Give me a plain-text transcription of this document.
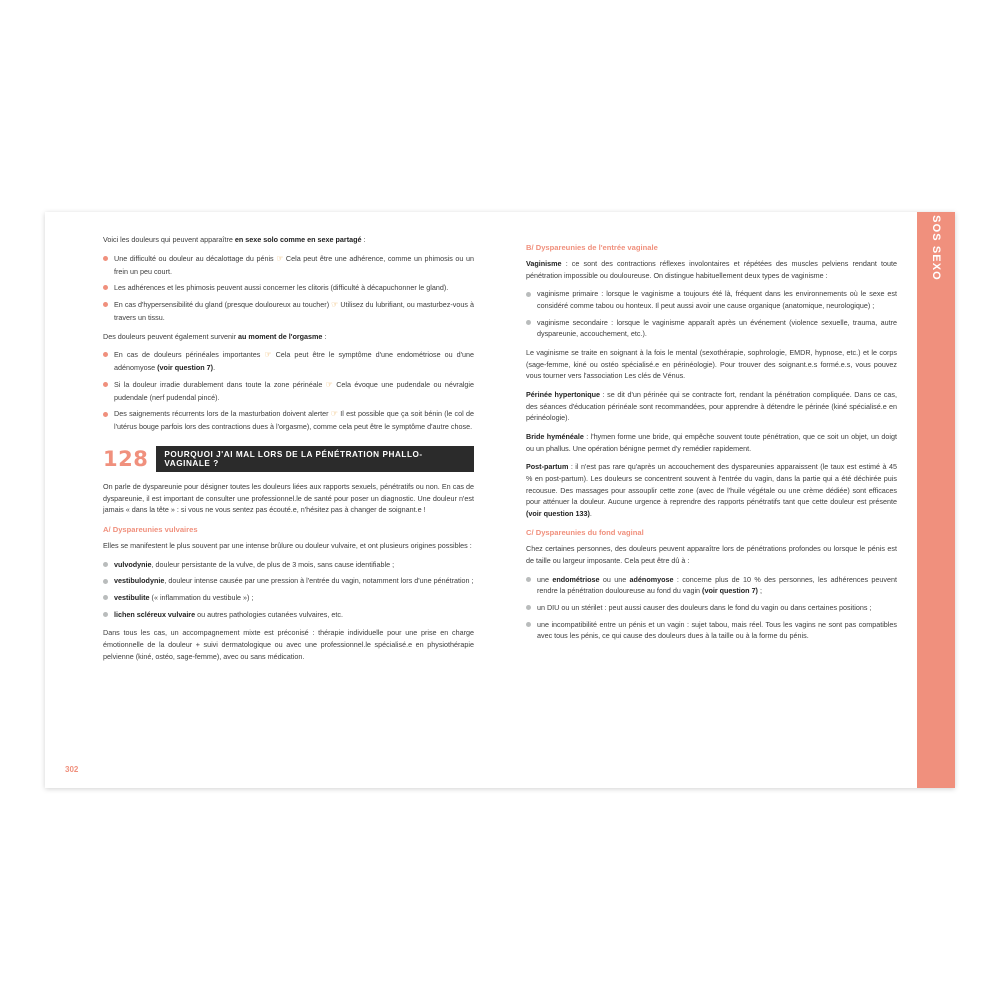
Voici les douleurs qui peuvent apparaître en sexe solo comme en sexe partagé :

Une difficulté ou douleur au décalottage du pénis ☞ Cela peut être une adhérence, comme un phimosis ou un frein un peu court.
Les adhérences et les phimosis peuvent aussi concerner les clitoris (difficulté à décapuchonner le gland).
En cas d'hypersensibilité du gland (presque douloureux au toucher) ☞ Utilisez du lubrifiant, ou masturbez-vous à travers un tissu.

Des douleurs peuvent également survenir au moment de l'orgasme :

En cas de douleurs périnéales importantes ☞ Cela peut être le symptôme d'une endométriose ou d'une adénomyose (voir question 7).
Si la douleur irradie durablement dans toute la zone périnéale ☞ Cela évoque une pudendale ou névralgie pudendale (nerf pudendal pincé).
Des saignements récurrents lors de la masturbation doivent alerter ☞ Il est possible que ça soit bénin (le col de l'utérus bouge parfois lors des contractions dues à l'orgasme), comme cela peut être le symptôme d'autre chose.
128	POURQUOI J'AI MAL LORS DE LA PÉNÉTRATION PHALLO-VAGINALE ?

On parle de dyspareunie pour désigner toutes les douleurs liées aux rapports sexuels, pénétratifs ou non. En cas de dyspareunie, il est important de consulter une professionnel.le de santé pour poser un diagnostic. Une douleur n'est jamais « dans la tête » : si vous ne vous sentez pas écouté.e, n'hésitez pas à changer de soignant.e !

A/ Dyspareunies vulvaires

Elles se manifestent le plus souvent par une intense brûlure ou douleur vulvaire, et ont plusieurs origines possibles :

vulvodynie, douleur persistante de la vulve, de plus de 3 mois, sans cause identifiable ;
vestibulodynie, douleur intense causée par une pression à l'entrée du vagin, notamment lors d'une pénétration ;
vestibulite (« inflammation du vestibule ») ;
lichen scléreux vulvaire ou autres pathologies cutanées vulvaires, etc.

Dans tous les cas, un accompagnement mixte est préconisé : thérapie individuelle pour une prise en charge émotionnelle de la douleur + suivi dermatologique ou avec une professionnel.le spécialisé.e en physiothérapie pelvienne (kiné, ostéo, sage-femme), avec ou sans médication.

302
B/ Dyspareunies de l'entrée vaginale

Vaginisme : ce sont des contractions réflexes involontaires et répétées des muscles pelviens rendant toute pénétration impossible ou douloureuse. On distingue habituellement deux types de vaginisme :

vaginisme primaire : lorsque le vaginisme a toujours été là, fréquent dans les environnements où le sexe est considéré comme tabou ou honteux. Il peut aussi avoir une cause organique (anatomique, neurologique) ;
vaginisme secondaire : lorsque le vaginisme apparaît après un événement (violence sexuelle, trauma, autre dyspareunie, accouchement, etc.).

Le vaginisme se traite en soignant à la fois le mental (sexothérapie, sophrologie, EMDR, hypnose, etc.) et le corps (sage-femme, kiné ou ostéo spécialisé.e en périnéologie). Pour trouver des soignant.e.s formé.e.s, vous pouvez vous tourner vers l'association Les clés de Vénus.

Périnée hypertonique : se dit d'un périnée qui se contracte fort, rendant la pénétration compliquée. Dans ce cas, des séances d'éducation périnéale sont recommandées, pour apprendre à détendre le périnée (kiné spécialisé.e en périnéologie).

Bride hyménéale : l'hymen forme une bride, qui empêche souvent toute pénétration, que ce soit un objet, un doigt ou un phallus. Une opération bénigne permet d'y remédier rapidement.

Post-partum : il n'est pas rare qu'après un accouchement des dyspareunies apparaissent (le taux est estimé à 45 % en post-partum). Les douleurs se concentrent souvent à l'entrée du vagin, dans la partie qui a été déchirée puis recousue. Des massages pour assouplir cette zone (avec de l'huile végétale ou une crème dédiée) sont efficaces pour atténuer la douleur. Aucune urgence à reprendre des rapports pénétratifs tant que cette douleur est présente (voir question 133).

C/ Dyspareunies du fond vaginal

Chez certaines personnes, des douleurs peuvent apparaître lors de pénétrations profondes ou lorsque le pénis est de taille ou largeur imposante. Cela peut être dû à :

une endométriose ou une adénomyose : concerne plus de 10 % des personnes, les adhérences peuvent rendre la pénétration douloureuse au fond du vagin (voir question 7) ;
un DIU ou un stérilet : peut aussi causer des douleurs dans le fond du vagin ou dans certaines positions ;
une incompatibilité entre un pénis et un vagin : sujet tabou, mais réel. Tous les vagins ne sont pas compatibles avec tous les pénis, ce qui cause des douleurs dues à la taille ou à la forme du pénis.
SOS SEXO
